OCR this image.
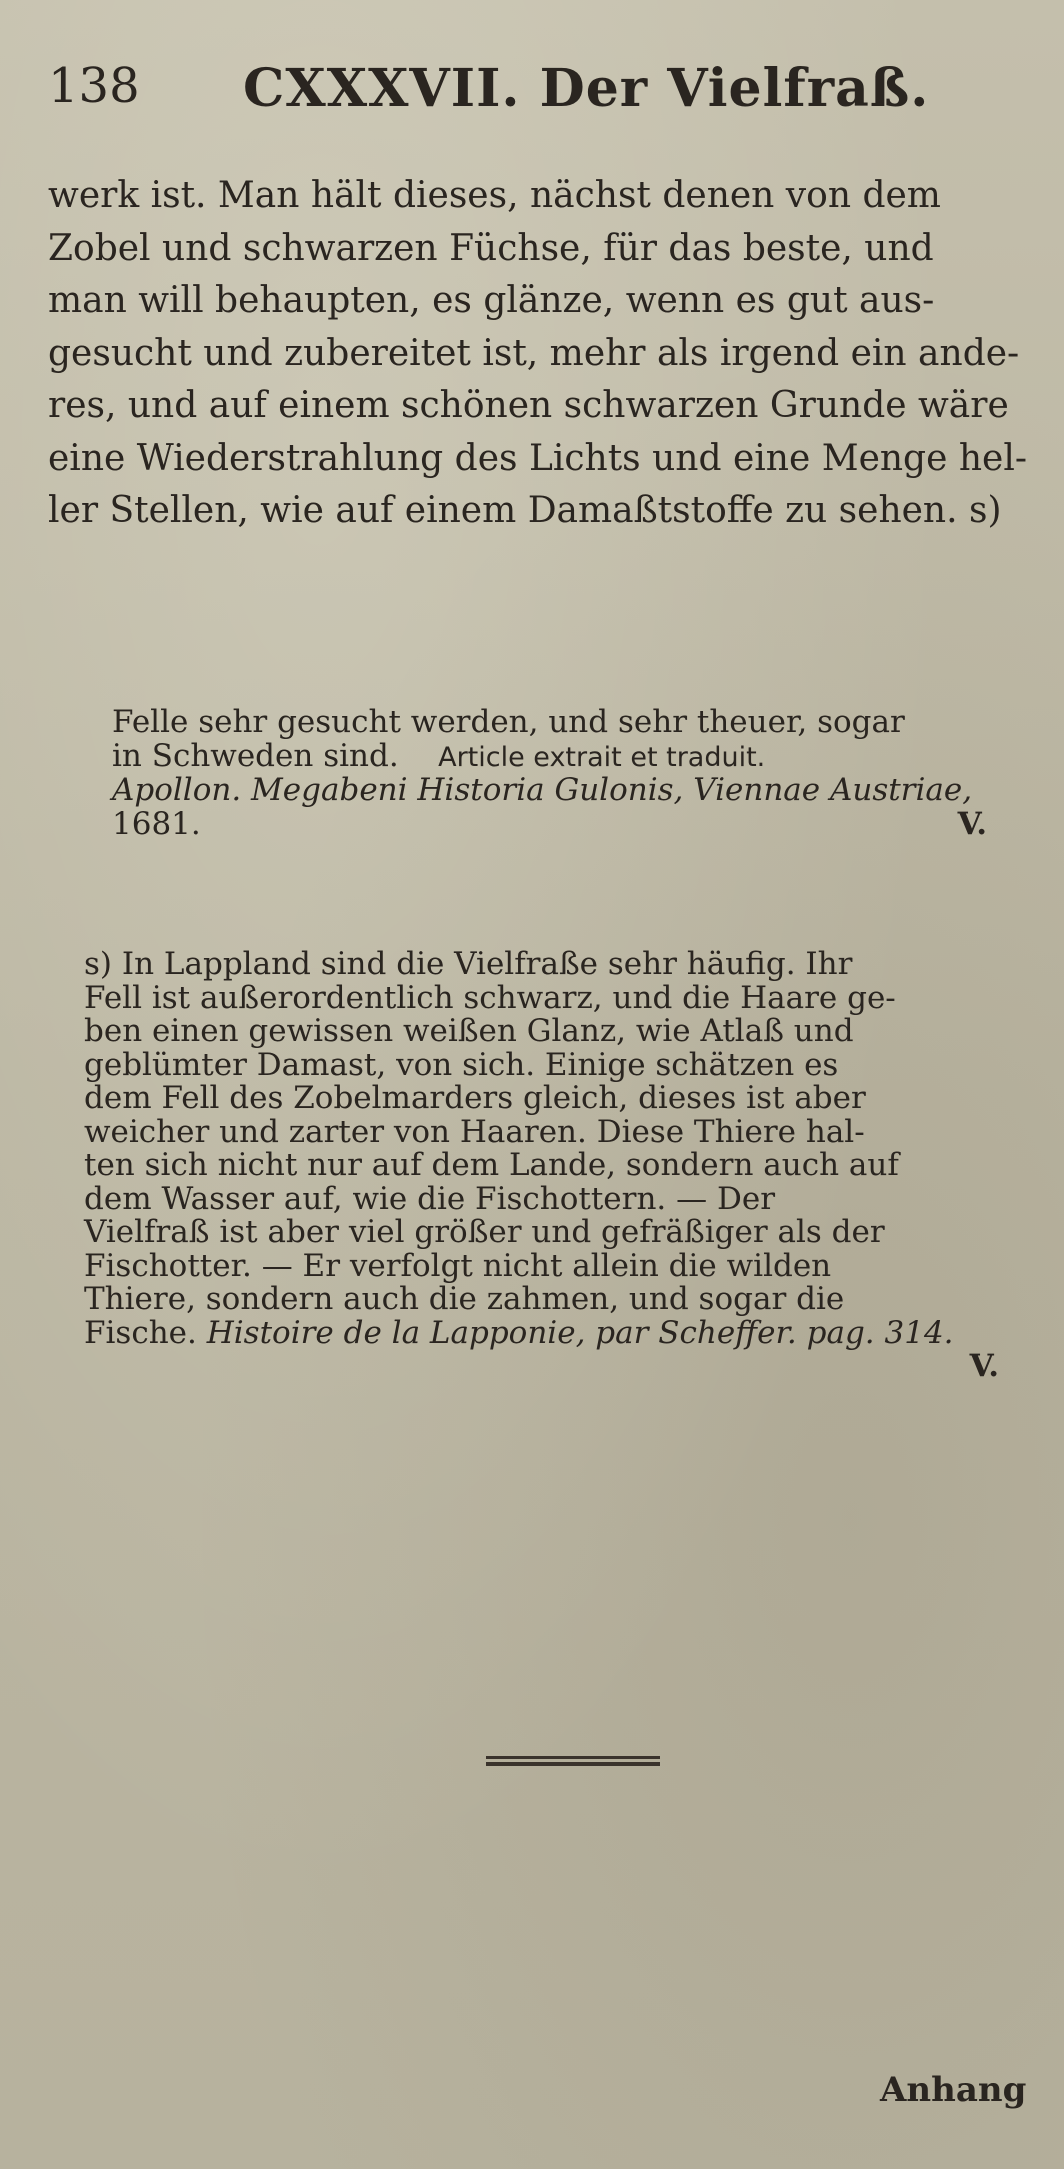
138 CXXXVII. Der Vielfraß.
werk ist. Man hält dieses, nächst denen von dem
Zobel und schwarzen Füchse, für das beste, und
man will behaupten, es glänze, wenn es gut aus-
gesucht und zubereitet ist, mehr als irgend ein ande-
res, und auf einem schönen schwarzen Grunde wäre
eine Wiederstrahlung des Lichts und eine Menge hel-
ler Stellen, wie auf einem Damaßtstoffe zu sehen. s)
Felle sehr gesucht werden, und sehr theuer, sogar
in Schweden sind. Article extrait et traduit.
Apollon. Megabeni Historia Gulonis, Viennae Austriae,
1681.	V.
s) In Lappland sind die Vielfraße sehr häufig. Ihr
Fell ist außerordentlich schwarz, und die Haare ge-
ben einen gewissen weißen Glanz, wie Atlaß und
geblümter Damast, von sich. Einige schätzen es
dem Fell des Zobelmarders gleich, dieses ist aber
weicher und zarter von Haaren. Diese Thiere hal-
ten sich nicht nur auf dem Lande, sondern auch auf
dem Wasser auf, wie die Fischottern. — Der
Vielfraß ist aber viel größer und gefräßiger als der
Fischotter. — Er verfolgt nicht allein die wilden
Thiere, sondern auch die zahmen, und sogar die
Fische. Histoire de la Lapponie, par Scheffer. pag. 314.
V.
Anhang
